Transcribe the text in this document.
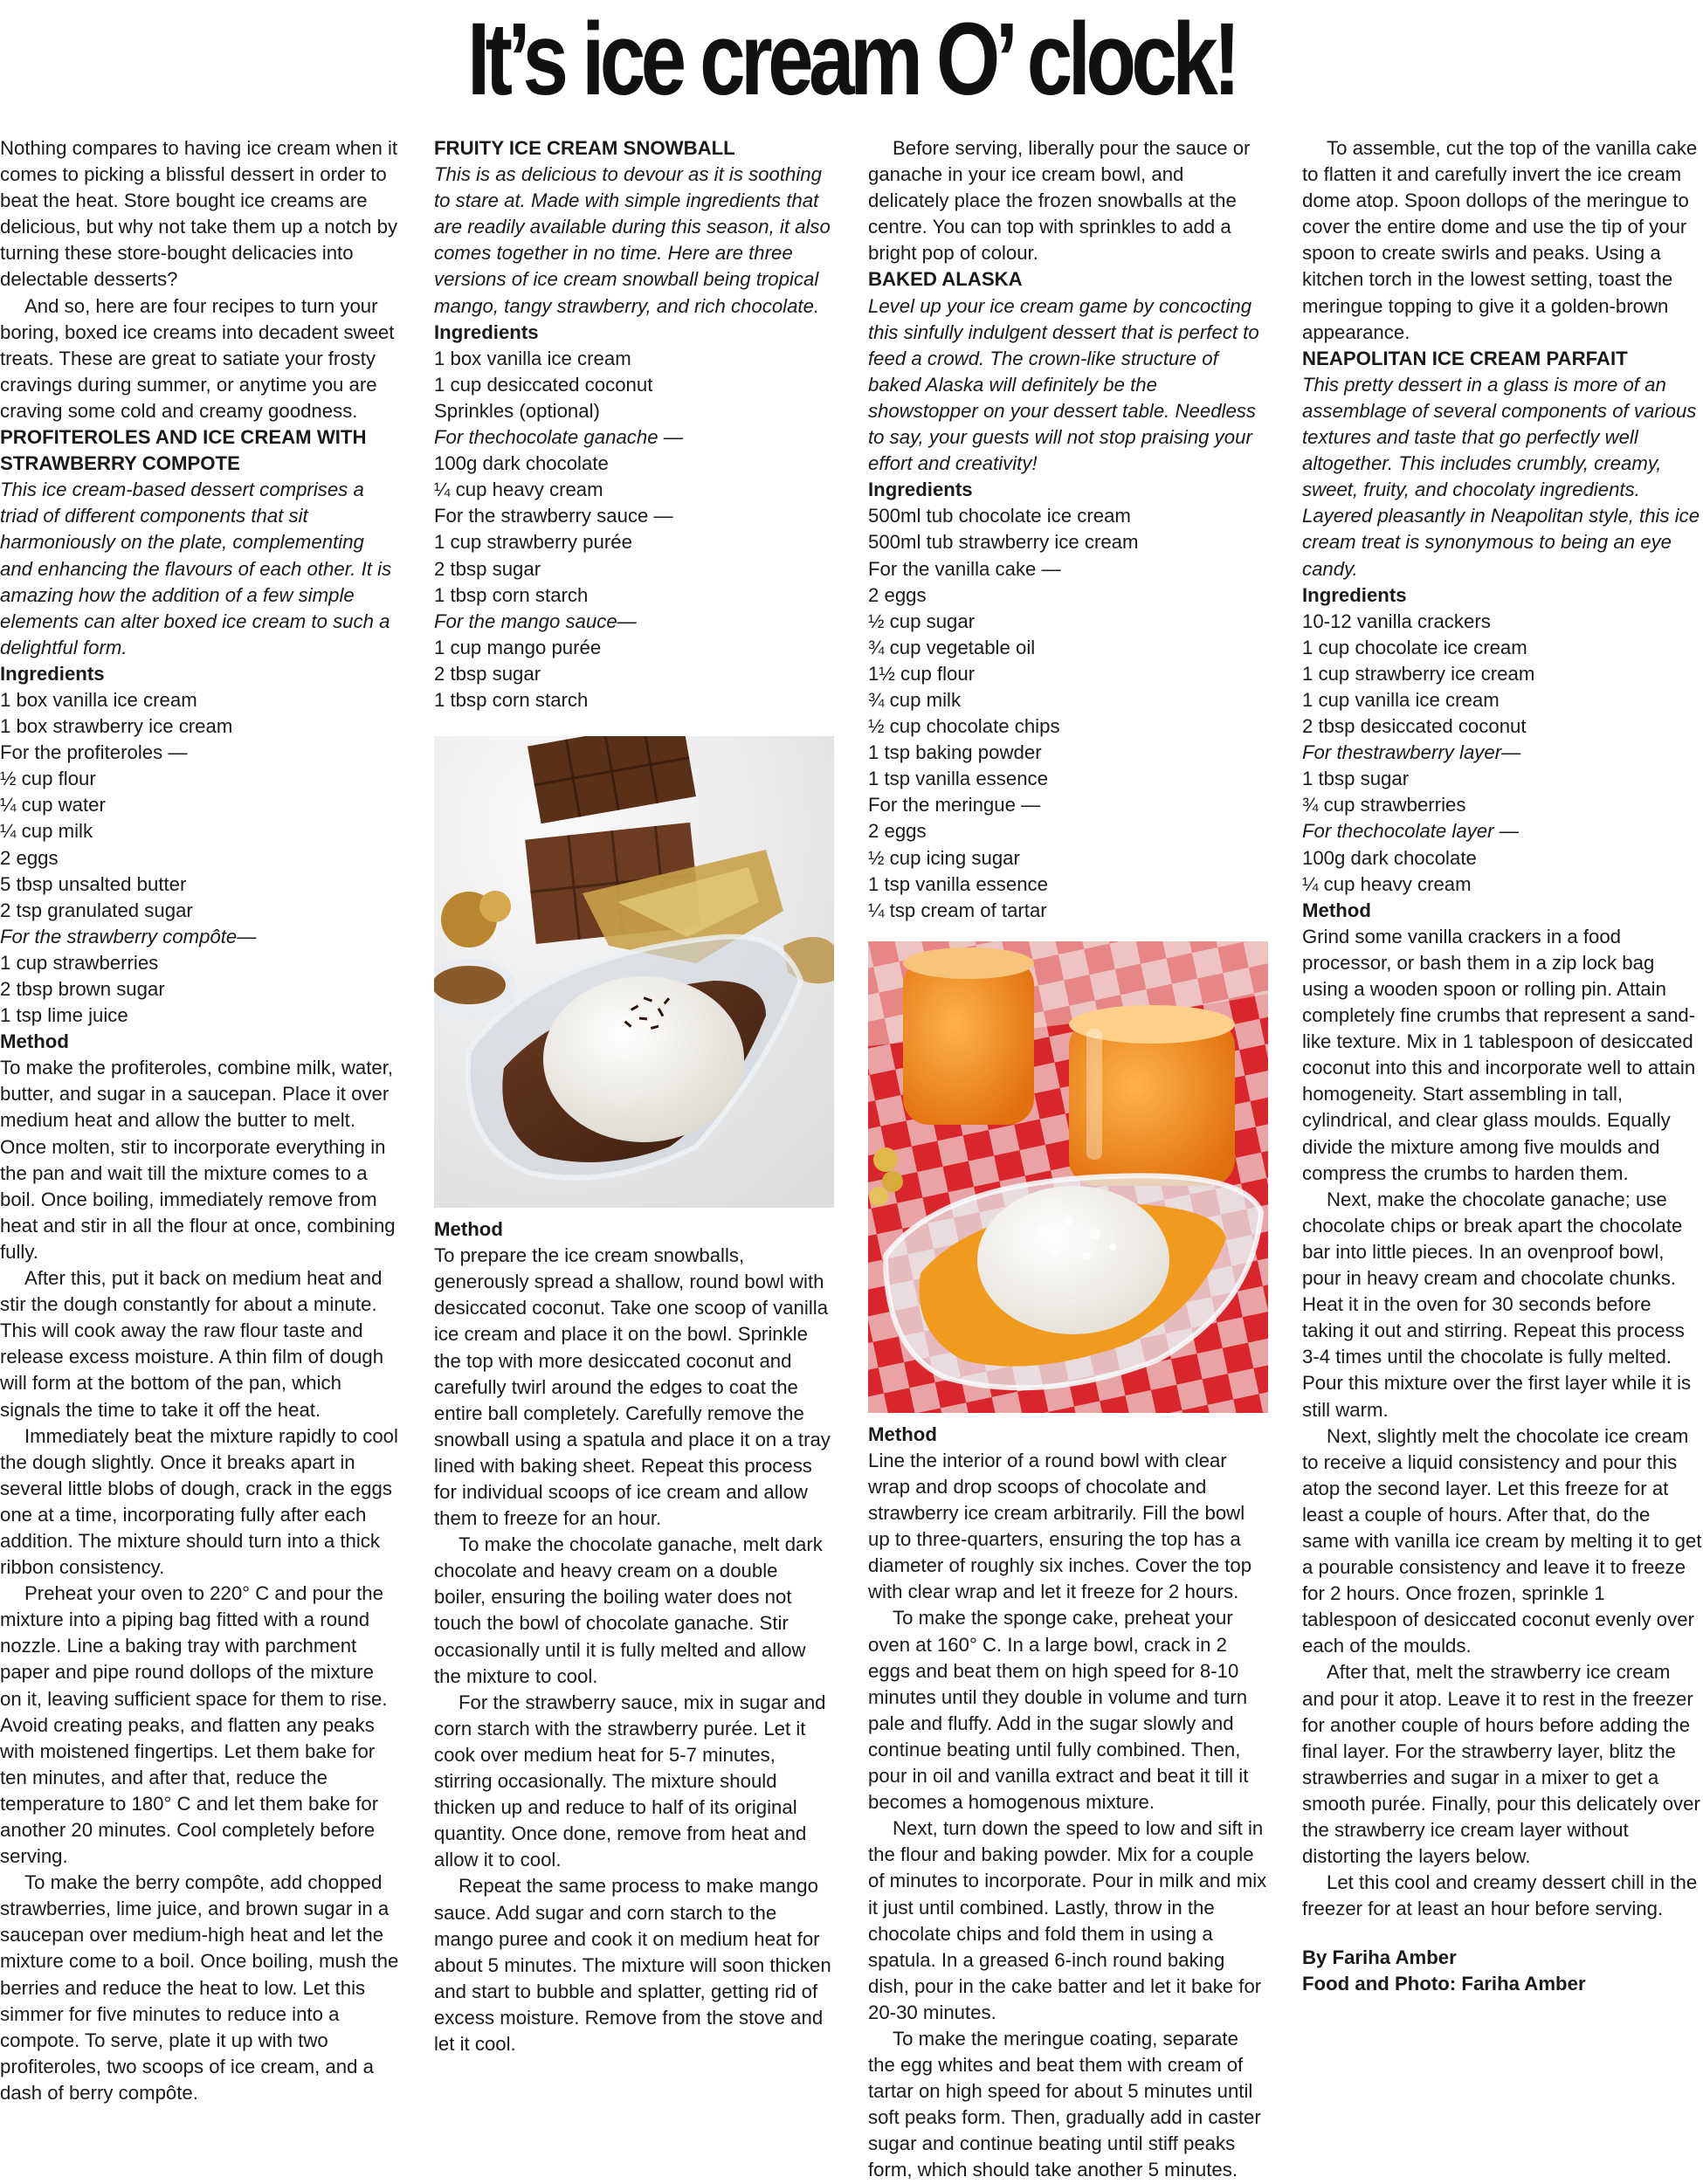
It’s ice cream O’ clock!

Nothing compares to having ice cream when it comes to picking a blissful dessert in order to beat the heat. Store bought ice creams are delicious, but why not take them up a notch by turning these store-bought delicacies into delectable desserts?

And so, here are four recipes to turn your boring, boxed ice creams into decadent sweet treats. These are great to satiate your frosty cravings during summer, or anytime you are craving some cold and creamy goodness.

PROFITEROLES AND ICE CREAM WITH STRAWBERRY COMPOTE

This ice cream-based dessert comprises a triad of different components that sit harmoniously on the plate, complementing and enhancing the flavours of each other. It is amazing how the addition of a few simple elements can alter boxed ice cream to such a delightful form.

Ingredients

1 box vanilla ice cream

1 box strawberry ice cream

For the profiteroles —

½ cup flour

¼ cup water

¼ cup milk

2 eggs

5 tbsp unsalted butter

2 tsp granulated sugar

For the strawberry compôte—

1 cup strawberries

2 tbsp brown sugar

1 tsp lime juice

Method

To make the profiteroles, combine milk, water, butter, and sugar in a saucepan. Place it over medium heat and allow the butter to melt. Once molten, stir to incorporate everything in the pan and wait till the mixture comes to a boil. Once boiling, immediately remove from heat and stir in all the flour at once, combining fully.

After this, put it back on medium heat and stir the dough constantly for about a minute. This will cook away the raw flour taste and release excess moisture. A thin film of dough will form at the bottom of the pan, which signals the time to take it off the heat.

Immediately beat the mixture rapidly to cool the dough slightly. Once it breaks apart in several little blobs of dough, crack in the eggs one at a time, incorporating fully after each addition. The mixture should turn into a thick ribbon consistency.

Preheat your oven to 220° C and pour the mixture into a piping bag fitted with a round nozzle. Line a baking tray with parchment paper and pipe round dollops of the mixture on it, leaving sufficient space for them to rise. Avoid creating peaks, and flatten any peaks with moistened fingertips. Let them bake for ten minutes, and after that, reduce the temperature to 180° C and let them bake for another 20 minutes. Cool completely before serving.

To make the berry compôte, add chopped strawberries, lime juice, and brown sugar in a saucepan over medium-high heat and let the mixture come to a boil. Once boiling, mush the berries and reduce the heat to low. Let this simmer for five minutes to reduce into a compote. To serve, plate it up with two profiteroles, two scoops of ice cream, and a dash of berry compôte.

FRUITY ICE CREAM SNOWBALL

This is as delicious to devour as it is soothing to stare at. Made with simple ingredients that are readily available during this season, it also comes together in no time. Here are three versions of ice cream snowball being tropical mango, tangy strawberry, and rich chocolate.

Ingredients

1 box vanilla ice cream

1 cup desiccated coconut

Sprinkles (optional)

For thechocolate ganache —

100g dark chocolate

¼ cup heavy cream

For the strawberry sauce —

1 cup strawberry purée

2 tbsp sugar

1 tbsp corn starch

For the mango sauce—

1 cup mango purée

2 tbsp sugar

1 tbsp corn starch

Method

To prepare the ice cream snowballs, generously spread a shallow, round bowl with desiccated coconut. Take one scoop of vanilla ice cream and place it on the bowl. Sprinkle the top with more desiccated coconut and carefully twirl around the edges to coat the entire ball completely. Carefully remove the snowball using a spatula and place it on a tray lined with baking sheet. Repeat this process for individual scoops of ice cream and allow them to freeze for an hour.

To make the chocolate ganache, melt dark chocolate and heavy cream on a double boiler, ensuring the boiling water does not touch the bowl of chocolate ganache. Stir occasionally until it is fully melted and allow the mixture to cool.

For the strawberry sauce, mix in sugar and corn starch with the strawberry purée. Let it cook over medium heat for 5-7 minutes, stirring occasionally. The mixture should thicken up and reduce to half of its original quantity. Once done, remove from heat and allow it to cool.

Repeat the same process to make mango sauce. Add sugar and corn starch to the mango puree and cook it on medium heat for about 5 minutes. The mixture will soon thicken and start to bubble and splatter, getting rid of excess moisture. Remove from the stove and let it cool.

Before serving, liberally pour the sauce or ganache in your ice cream bowl, and delicately place the frozen snowballs at the centre. You can top with sprinkles to add a bright pop of colour.

BAKED ALASKA

Level up your ice cream game by concocting this sinfully indulgent dessert that is perfect to feed a crowd. The crown-like structure of baked Alaska will definitely be the showstopper on your dessert table. Needless to say, your guests will not stop praising your effort and creativity!

Ingredients

500ml tub chocolate ice cream

500ml tub strawberry ice cream

For the vanilla cake —

2 eggs

½ cup sugar

¾ cup vegetable oil

1½ cup flour

¾ cup milk

½ cup chocolate chips

1 tsp baking powder

1 tsp vanilla essence

For the meringue —

2 eggs

½ cup icing sugar

1 tsp vanilla essence

¼ tsp cream of tartar

Method

Line the interior of a round bowl with clear wrap and drop scoops of chocolate and strawberry ice cream arbitrarily. Fill the bowl up to three-quarters, ensuring the top has a diameter of roughly six inches. Cover the top with clear wrap and let it freeze for 2 hours.

To make the sponge cake, preheat your oven at 160° C. In a large bowl, crack in 2 eggs and beat them on high speed for 8-10 minutes until they double in volume and turn pale and fluffy. Add in the sugar slowly and continue beating until fully combined. Then, pour in oil and vanilla extract and beat it till it becomes a homogenous mixture.

Next, turn down the speed to low and sift in the flour and baking powder. Mix for a couple of minutes to incorporate. Pour in milk and mix it just until combined. Lastly, throw in the chocolate chips and fold them in using a spatula. In a greased 6-inch round baking dish, pour in the cake batter and let it bake for 20-30 minutes.

To make the meringue coating, separate the egg whites and beat them with cream of tartar on high speed for about 5 minutes until soft peaks form. Then, gradually add in caster sugar and continue beating until stiff peaks form, which should take another 5 minutes.

To assemble, cut the top of the vanilla cake to flatten it and carefully invert the ice cream dome atop. Spoon dollops of the meringue to cover the entire dome and use the tip of your spoon to create swirls and peaks. Using a kitchen torch in the lowest setting, toast the meringue topping to give it a golden-brown appearance.

NEAPOLITAN ICE CREAM PARFAIT

This pretty dessert in a glass is more of an assemblage of several components of various textures and taste that go perfectly well altogether. This includes crumbly, creamy, sweet, fruity, and chocolaty ingredients. Layered pleasantly in Neapolitan style, this ice cream treat is synonymous to being an eye candy.

Ingredients

10-12 vanilla crackers

1 cup chocolate ice cream

1 cup strawberry ice cream

1 cup vanilla ice cream

2 tbsp desiccated coconut

For thestrawberry layer—

1 tbsp sugar

¾ cup strawberries

For thechocolate layer —

100g dark chocolate

¼ cup heavy cream

Method

Grind some vanilla crackers in a food processor, or bash them in a zip lock bag using a wooden spoon or rolling pin. Attain completely fine crumbs that represent a sand-like texture. Mix in 1 tablespoon of desiccated coconut into this and incorporate well to attain homogeneity. Start assembling in tall, cylindrical, and clear glass moulds. Equally divide the mixture among five moulds and compress the crumbs to harden them.

Next, make the chocolate ganache; use chocolate chips or break apart the chocolate bar into little pieces. In an ovenproof bowl, pour in heavy cream and chocolate chunks. Heat it in the oven for 30 seconds before taking it out and stirring. Repeat this process 3-4 times until the chocolate is fully melted. Pour this mixture over the first layer while it is still warm.

Next, slightly melt the chocolate ice cream to receive a liquid consistency and pour this atop the second layer. Let this freeze for at least a couple of hours. After that, do the same with vanilla ice cream by melting it to get a pourable consistency and leave it to freeze for 2 hours. Once frozen, sprinkle 1 tablespoon of desiccated coconut evenly over each of the moulds.

After that, melt the strawberry ice cream and pour it atop. Leave it to rest in the freezer for another couple of hours before adding the final layer. For the strawberry layer, blitz the strawberries and sugar in a mixer to get a smooth purée. Finally, pour this delicately over the strawberry ice cream layer without distorting the layers below.

Let this cool and creamy dessert chill in the freezer for at least an hour before serving.

By Fariha Amber

Food and Photo: Fariha Amber
